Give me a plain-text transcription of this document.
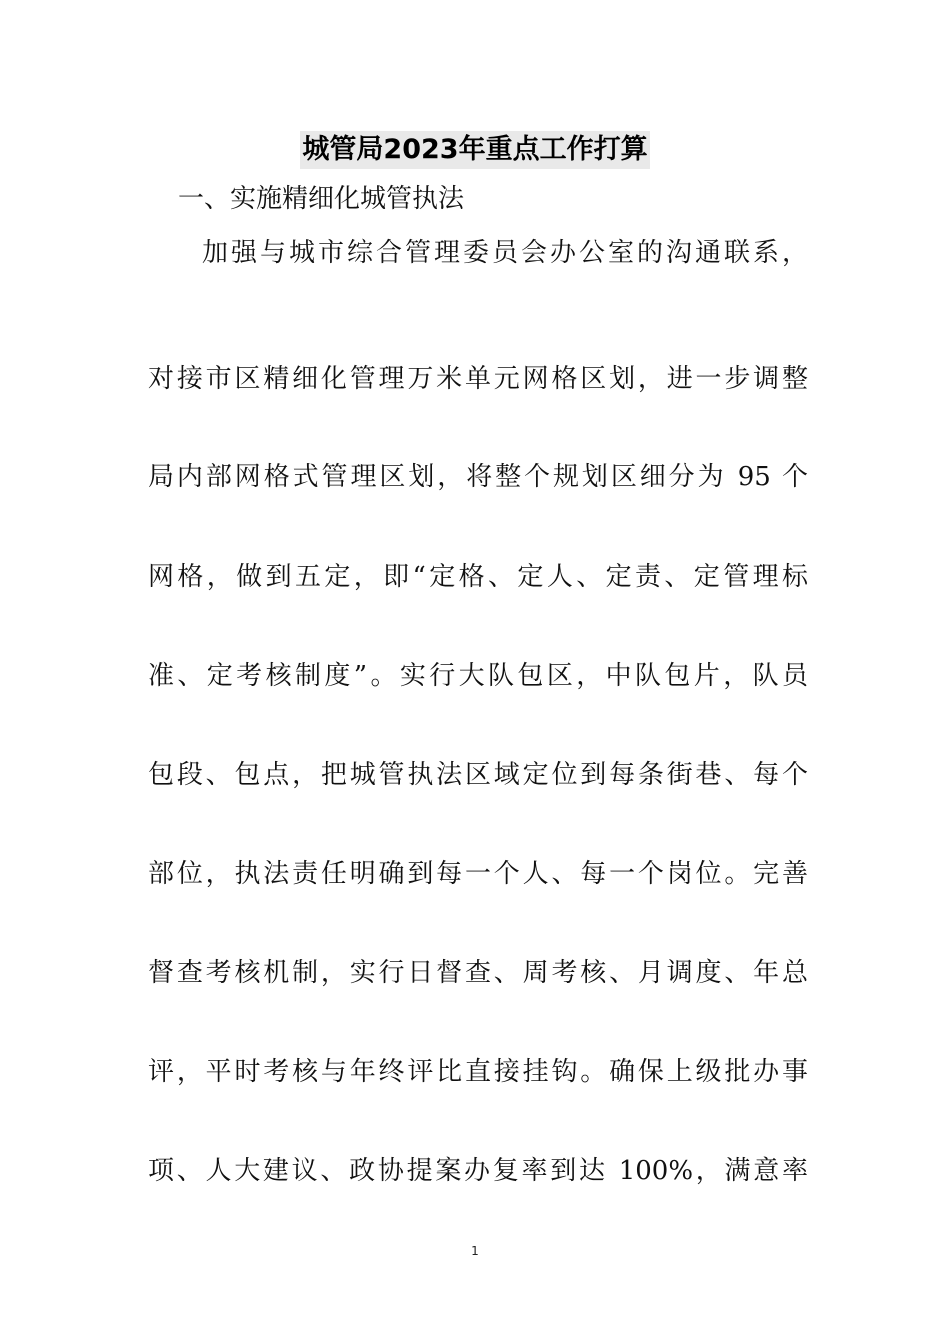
城管局2023年重点工作打算
一、实施精细化城管执法
加强与城市综合管理委员会办公室的沟通联系，
对接市区精细化管理万米单元网格区划，进一步调整
局内部网格式管理区划，将整个规划区细分为 95 个
网格，做到五定，即“定格、定人、定责、定管理标
准、定考核制度”。实行大队包区，中队包片，队员
包段、包点，把城管执法区域定位到每条街巷、每个
部位，执法责任明确到每一个人、每一个岗位。完善
督查考核机制，实行日督查、周考核、月调度、年总
评，平时考核与年终评比直接挂钩。确保上级批办事
项、人大建议、政协提案办复率到达 100%，满意率
1
